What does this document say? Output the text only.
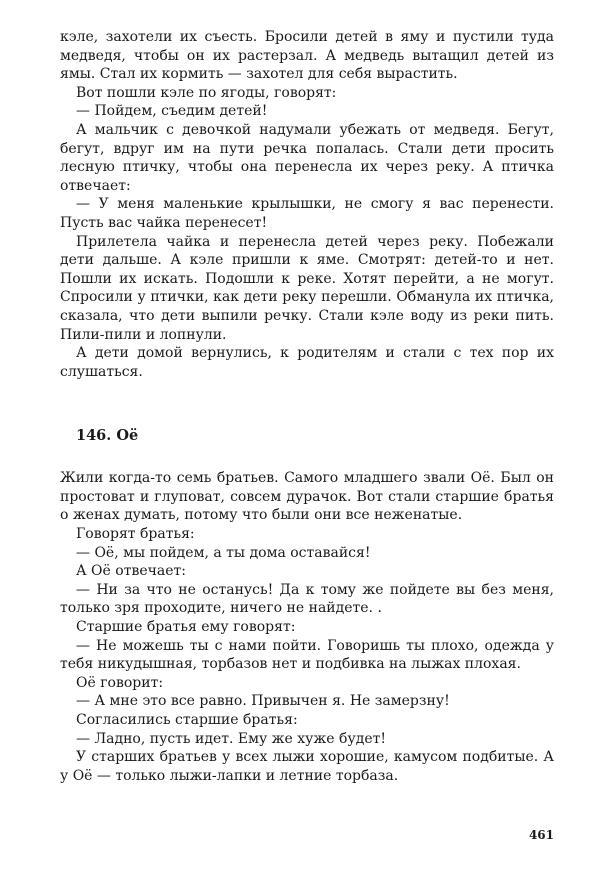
кэле, захотели их съесть. Бросили детей в яму и пустили туда медведя, чтобы он их растерзал. А медведь вытащил детей из ямы. Стал их кормить — захотел для себя вырастить.

Вот пошли кэле по ягоды, говорят:

— Пойдем, съедим детей!

А мальчик с девочкой надумали убежать от медведя. Бегут, бегут, вдруг им на пути речка попалась. Стали дети просить лесную птичку, чтобы она перенесла их через реку. А птичка отвечает:

— У меня маленькие крылышки, не смогу я вас перенести. Пусть вас чайка перенесет!

Прилетела чайка и перенесла детей через реку. Побежали дети дальше. А кэле пришли к яме. Смотрят: детей-то и нет. Пошли их искать. Подошли к реке. Хотят перейти, а не могут. Спросили у птички, как дети реку перешли. Обманула их птичка, сказала, что дети выпили речку. Стали кэле воду из реки пить. Пили-пили и лопнули.

А дети домой вернулись, к родителям и стали с тех пор их слушаться.

146. Оё

Жили когда-то семь братьев. Самого младшего звали Оё. Был он простоват и глуповат, совсем дурачок. Вот стали старшие братья о женах думать, потому что были они все неженатые.

Говорят братья:

— Оё, мы пойдем, а ты дома оставайся!

А Оё отвечает:

— Ни за что не останусь! Да к тому же пойдете вы без меня, только зря проходите, ничего не найдете. .

Старшие братья ему говорят:

— Не можешь ты с нами пойти. Говоришь ты плохо, одежда у тебя никудышная, торбазов нет и подбивка на лыжах плохая.

Оё говорит:

— А мне это все равно. Привычен я. Не замерзну!

Согласились старшие братья:

— Ладно, пусть идет. Ему же хуже будет!

У старших братьев у всех лыжи хорошие, камусом подбитые. А у Оё — только лыжи-лапки и летние торбаза.

461
